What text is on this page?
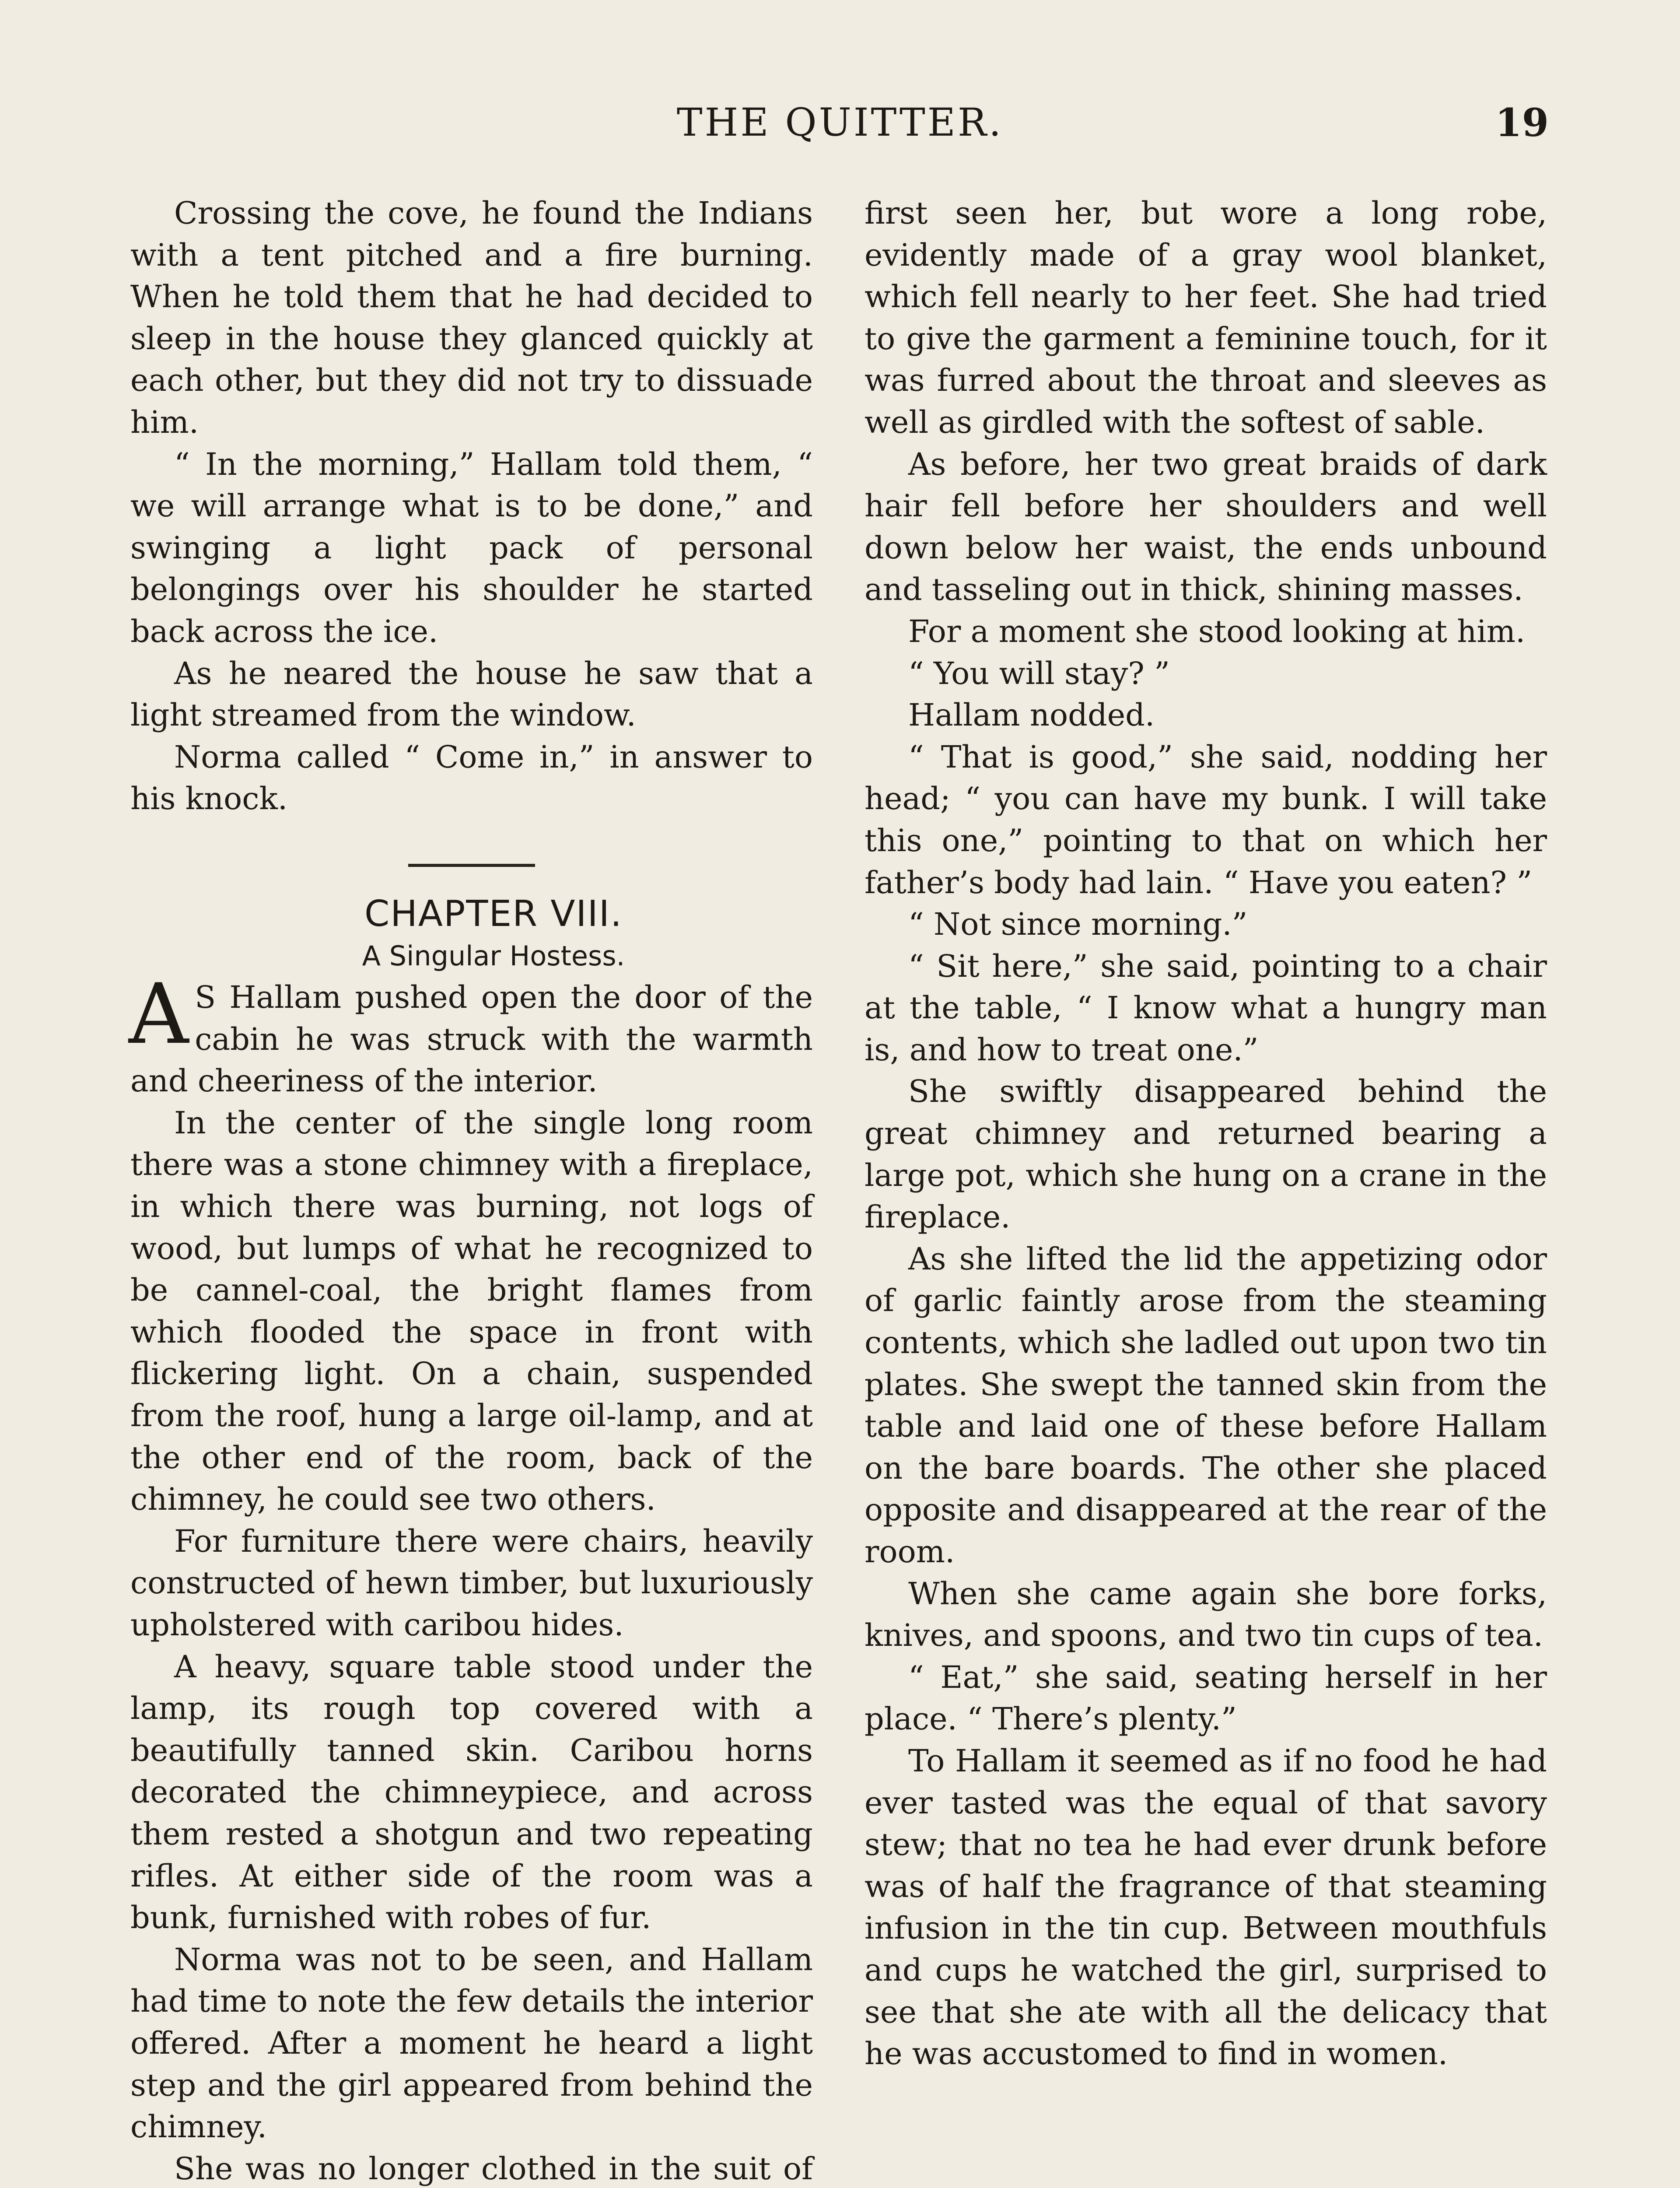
THE QUITTER.	19

Crossing the cove, he found the Indians with a tent pitched and a fire burning. When he told them that he had decided to sleep in the house they glanced quickly at each other, but they did not try to dissuade him.

“ In the morning,” Hallam told them, “ we will arrange what is to be done,” and swinging a light pack of personal belongings over his shoulder he started back across the ice.

As he neared the house he saw that a light streamed from the window.

Norma called “ Come in,” in answer to his knock.

CHAPTER VIII.

A Singular Hostess.

A S Hallam pushed open the door of the cabin he was struck with the warmth and cheeriness of the interior.

In the center of the single long room there was a stone chimney with a fireplace, in which there was burning, not logs of wood, but lumps of what he recognized to be cannel-coal, the bright flames from which flooded the space in front with flickering light. On a chain, suspended from the roof, hung a large oil-lamp, and at the other end of the room, back of the chimney, he could see two others.

For furniture there were chairs, heavily constructed of hewn timber, but luxuriously upholstered with caribou hides.

A heavy, square table stood under the lamp, its rough top covered with a beautifully tanned skin. Caribou horns decorated the chimneypiece, and across them rested a shotgun and two repeating rifles. At either side of the room was a bunk, furnished with robes of fur.

Norma was not to be seen, and Hallam had time to note the few details the interior offered. After a moment he heard a light step and the girl appeared from behind the chimney.

She was no longer clothed in the suit of

first seen her, but wore a long robe, evidently made of a gray wool blanket, which fell nearly to her feet. She had tried to give the garment a feminine touch, for it was furred about the throat and sleeves as well as girdled with the softest of sable.

As before, her two great braids of dark hair fell before her shoulders and well down below her waist, the ends unbound and tasseling out in thick, shining masses.

For a moment she stood looking at him.

“ You will stay? ”

Hallam nodded.

“ That is good,” she said, nodding her head; “ you can have my bunk. I will take this one,” pointing to that on which her father’s body had lain. “ Have you eaten? ”

“ Not since morning.”

“ Sit here,” she said, pointing to a chair at the table, “ I know what a hungry man is, and how to treat one.”

She swiftly disappeared behind the great chimney and returned bearing a large pot, which she hung on a crane in the fireplace.

As she lifted the lid the appetizing odor of garlic faintly arose from the steaming contents, which she ladled out upon two tin plates. She swept the tanned skin from the table and laid one of these before Hallam on the bare boards. The other she placed opposite and disappeared at the rear of the room.

When she came again she bore forks, knives, and spoons, and two tin cups of tea.

“ Eat,” she said, seating herself in her place. “ There’s plenty.”

To Hallam it seemed as if no food he had ever tasted was the equal of that savory stew; that no tea he had ever drunk before was of half the fragrance of that steaming infusion in the tin cup. Between mouthfuls and cups he watched the girl, surprised to see that she ate with all the delicacy that he was accustomed to find in women.
